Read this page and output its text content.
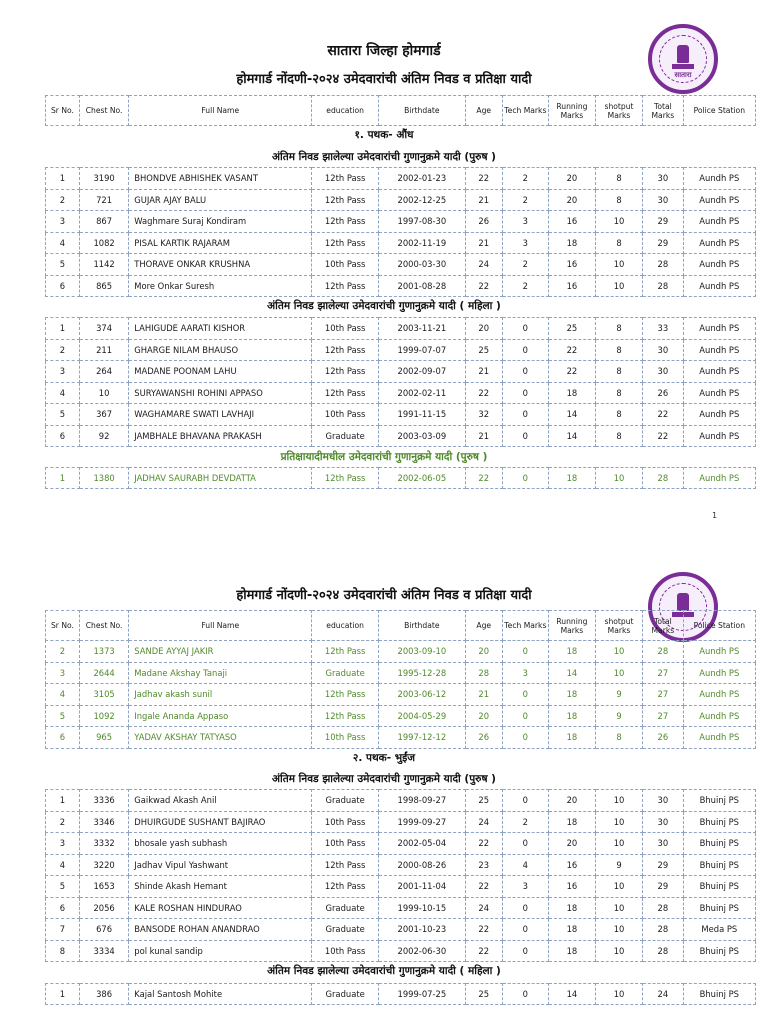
सातारा जिल्हा होमगार्ड
होमगार्ड नोंदणी-२०२४ उमेदवारांची अंतिम निवड व प्रतिक्षा यादी	सातारा
Sr No.	Chest No.	Full Name	education	Birthdate	Age	Tech Marks	Running Marks	shotput Marks	Total Marks	Police Station
१. पथक- औंध
अंतिम निवड झालेल्या उमेदवारांची गुणानुक्रमे यादी (पुरुष )
1	3190	BHONDVE ABHISHEK VASANT	12th Pass	2002-01-23	22	2	20	8	30	Aundh PS
2	721	GUJAR AJAY BALU	12th Pass	2002-12-25	21	2	20	8	30	Aundh PS
3	867	Waghmare Suraj Kondiram	12th Pass	1997-08-30	26	3	16	10	29	Aundh PS
4	1082	PISAL KARTIK RAJARAM	12th Pass	2002-11-19	21	3	18	8	29	Aundh PS
5	1142	THORAVE ONKAR KRUSHNA	10th Pass	2000-03-30	24	2	16	10	28	Aundh PS
6	865	More Onkar Suresh	12th Pass	2001-08-28	22	2	16	10	28	Aundh PS
अंतिम निवड झालेल्या उमेदवारांची गुणानुक्रमे यादी ( महिला )
1	374	LAHIGUDE AARATI KISHOR	10th Pass	2003-11-21	20	0	25	8	33	Aundh PS
2	211	GHARGE NILAM BHAUSO	12th Pass	1999-07-07	25	0	22	8	30	Aundh PS
3	264	MADANE POONAM LAHU	12th Pass	2002-09-07	21	0	22	8	30	Aundh PS
4	10	SURYAWANSHI ROHINI APPASO	12th Pass	2002-02-11	22	0	18	8	26	Aundh PS
5	367	WAGHAMARE SWATI LAVHAJI	10th Pass	1991-11-15	32	0	14	8	22	Aundh PS
6	92	JAMBHALE BHAVANA PRAKASH	Graduate	2003-03-09	21	0	14	8	22	Aundh PS
प्रतिक्षायादीमधील उमेदवारांची गुणानुक्रमे यादी (पुरुष )
1	1380	JADHAV SAURABH DEVDATTA	12th Pass	2002-06-05	22	0	18	10	28	Aundh PS
1
होमगार्ड नोंदणी-२०२४ उमेदवारांची अंतिम निवड व प्रतिक्षा यादी
Sr No.	Chest No.	Full Name	education	Birthdate	Age	Tech Marks	Running Marks	shotput Marks	Total Marks	Police Station
2	1373	SANDE AYYAJ JAKIR	12th Pass	2003-09-10	20	0	18	10	28	Aundh PS
3	2644	Madane Akshay Tanaji	Graduate	1995-12-28	28	3	14	10	27	Aundh PS
4	3105	Jadhav akash sunil	12th Pass	2003-06-12	21	0	18	9	27	Aundh PS
5	1092	Ingale Ananda Appaso	12th Pass	2004-05-29	20	0	18	9	27	Aundh PS
6	965	YADAV AKSHAY TATYASO	10th Pass	1997-12-12	26	0	18	8	26	Aundh PS
२. पथक- भुईंज
अंतिम निवड झालेल्या उमेदवारांची गुणानुक्रमे यादी (पुरुष )
1	3336	Gaikwad Akash Anil	Graduate	1998-09-27	25	0	20	10	30	Bhuinj PS
2	3346	DHUIRGUDE SUSHANT BAJIRAO	10th Pass	1999-09-27	24	2	18	10	30	Bhuinj PS
3	3332	bhosale yash subhash	10th Pass	2002-05-04	22	0	20	10	30	Bhuinj PS
4	3220	Jadhav Vipul Yashwant	12th Pass	2000-08-26	23	4	16	9	29	Bhuinj PS
5	1653	Shinde Akash Hemant	12th Pass	2001-11-04	22	3	16	10	29	Bhuinj PS
6	2056	KALE ROSHAN HINDURAO	Graduate	1999-10-15	24	0	18	10	28	Bhuinj PS
7	676	BANSODE ROHAN ANANDRAO	Graduate	2001-10-23	22	0	18	10	28	Meda PS
8	3334	pol kunal sandip	10th Pass	2002-06-30	22	0	18	10	28	Bhuinj PS
अंतिम निवड झालेल्या उमेदवारांची गुणानुक्रमे यादी ( महिला )
1	386	Kajal Santosh Mohite	Graduate	1999-07-25	25	0	14	10	24	Bhuinj PS
